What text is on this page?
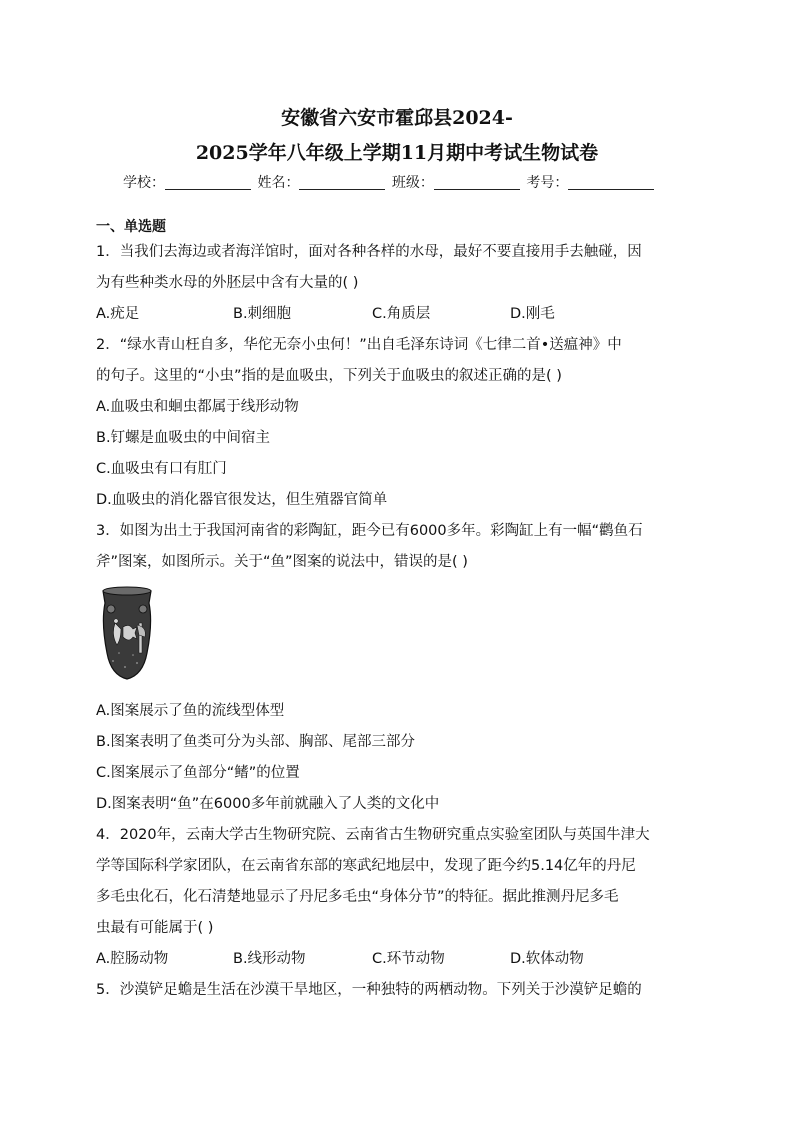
安徽省六安市霍邱县2024-
2025学年八年级上学期11月期中考试生物试卷
学校：	姓名：	班级：	考号：
一、单选题
1．当我们去海边或者海洋馆时，面对各种各样的水母，最好不要直接用手去触碰，因
为有些种类水母的外胚层中含有大量的( )
A.疣足	B.刺细胞	C.角质层	D.刚毛
2．“绿水青山枉自多，华佗无奈小虫何！”出自毛泽东诗词《七律二首•送瘟神》中
的句子。这里的“小虫”指的是血吸虫，下列关于血吸虫的叙述正确的是( )
A.血吸虫和蛔虫都属于线形动物
B.钉螺是血吸虫的中间宿主
C.血吸虫有口有肛门
D.血吸虫的消化器官很发达，但生殖器官简单
3．如图为出土于我国河南省的彩陶缸，距今已有6000多年。彩陶缸上有一幅“鹳鱼石
斧”图案，如图所示。关于“鱼”图案的说法中，错误的是( )
A.图案展示了鱼的流线型体型
B.图案表明了鱼类可分为头部、胸部、尾部三部分
C.图案展示了鱼部分“鳍”的位置
D.图案表明“鱼”在6000多年前就融入了人类的文化中
4．2020年，云南大学古生物研究院、云南省古生物研究重点实验室团队与英国牛津大
学等国际科学家团队，在云南省东部的寒武纪地层中，发现了距今约5.14亿年的丹尼
多毛虫化石，化石清楚地显示了丹尼多毛虫“身体分节”的特征。据此推测丹尼多毛
虫最有可能属于( )
A.腔肠动物	B.线形动物	C.环节动物	D.软体动物
5．沙漠铲足蟾是生活在沙漠干旱地区，一种独特的两栖动物。下列关于沙漠铲足蟾的
